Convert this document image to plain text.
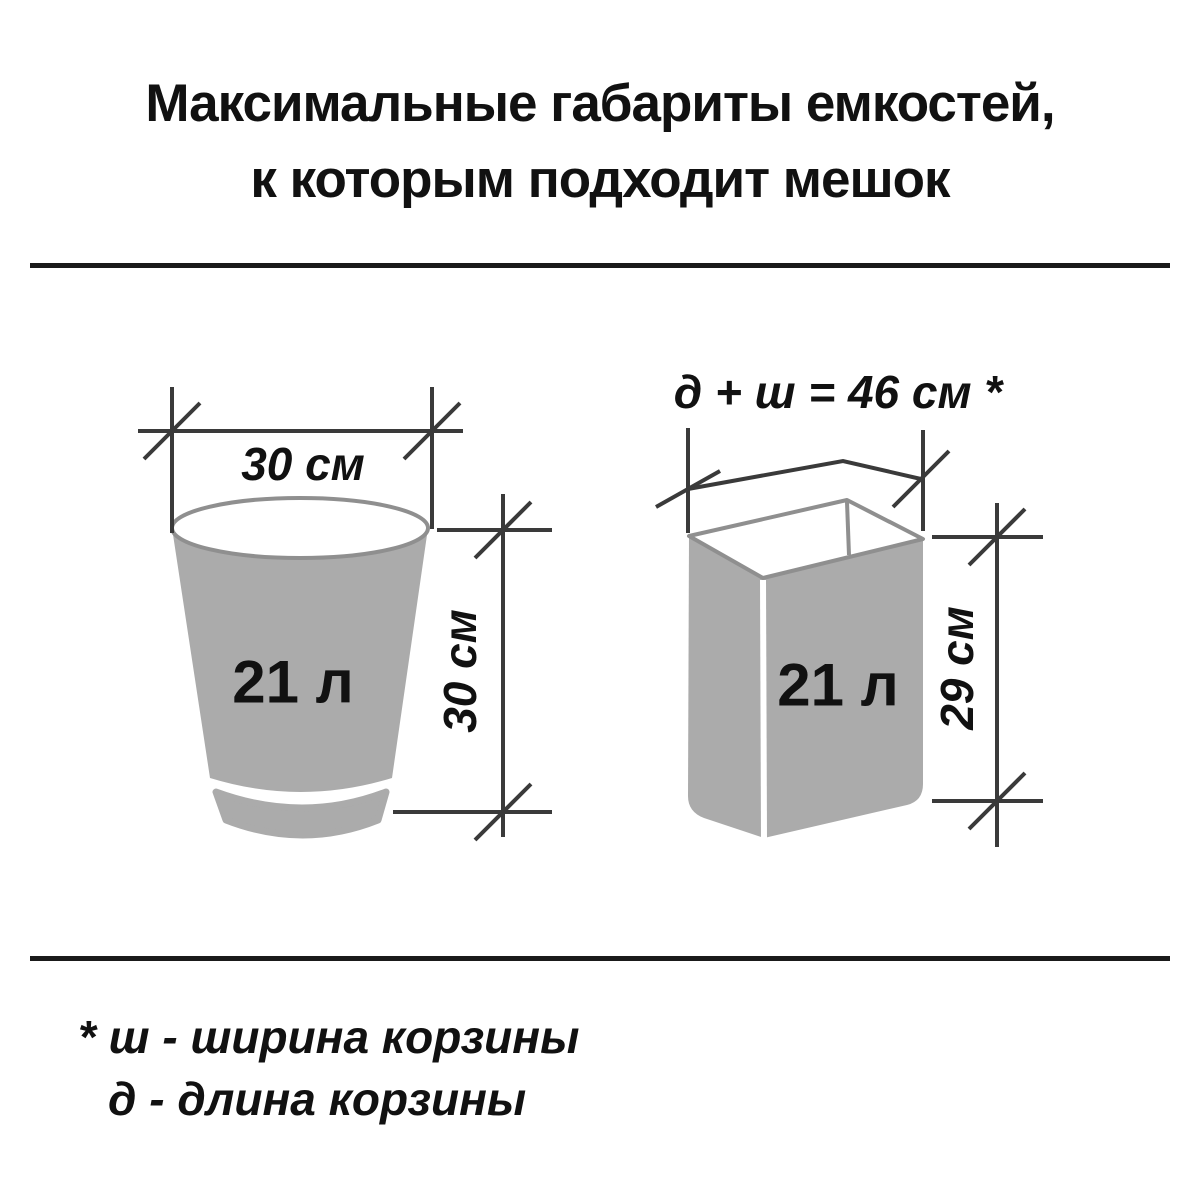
Максимальные габариты емкостей,
к которым подходит мешок
30 см
21 л 30 см
д + ш = 46 см *
21 л 29 см
* ш - ширина корзины
д - длина корзины
